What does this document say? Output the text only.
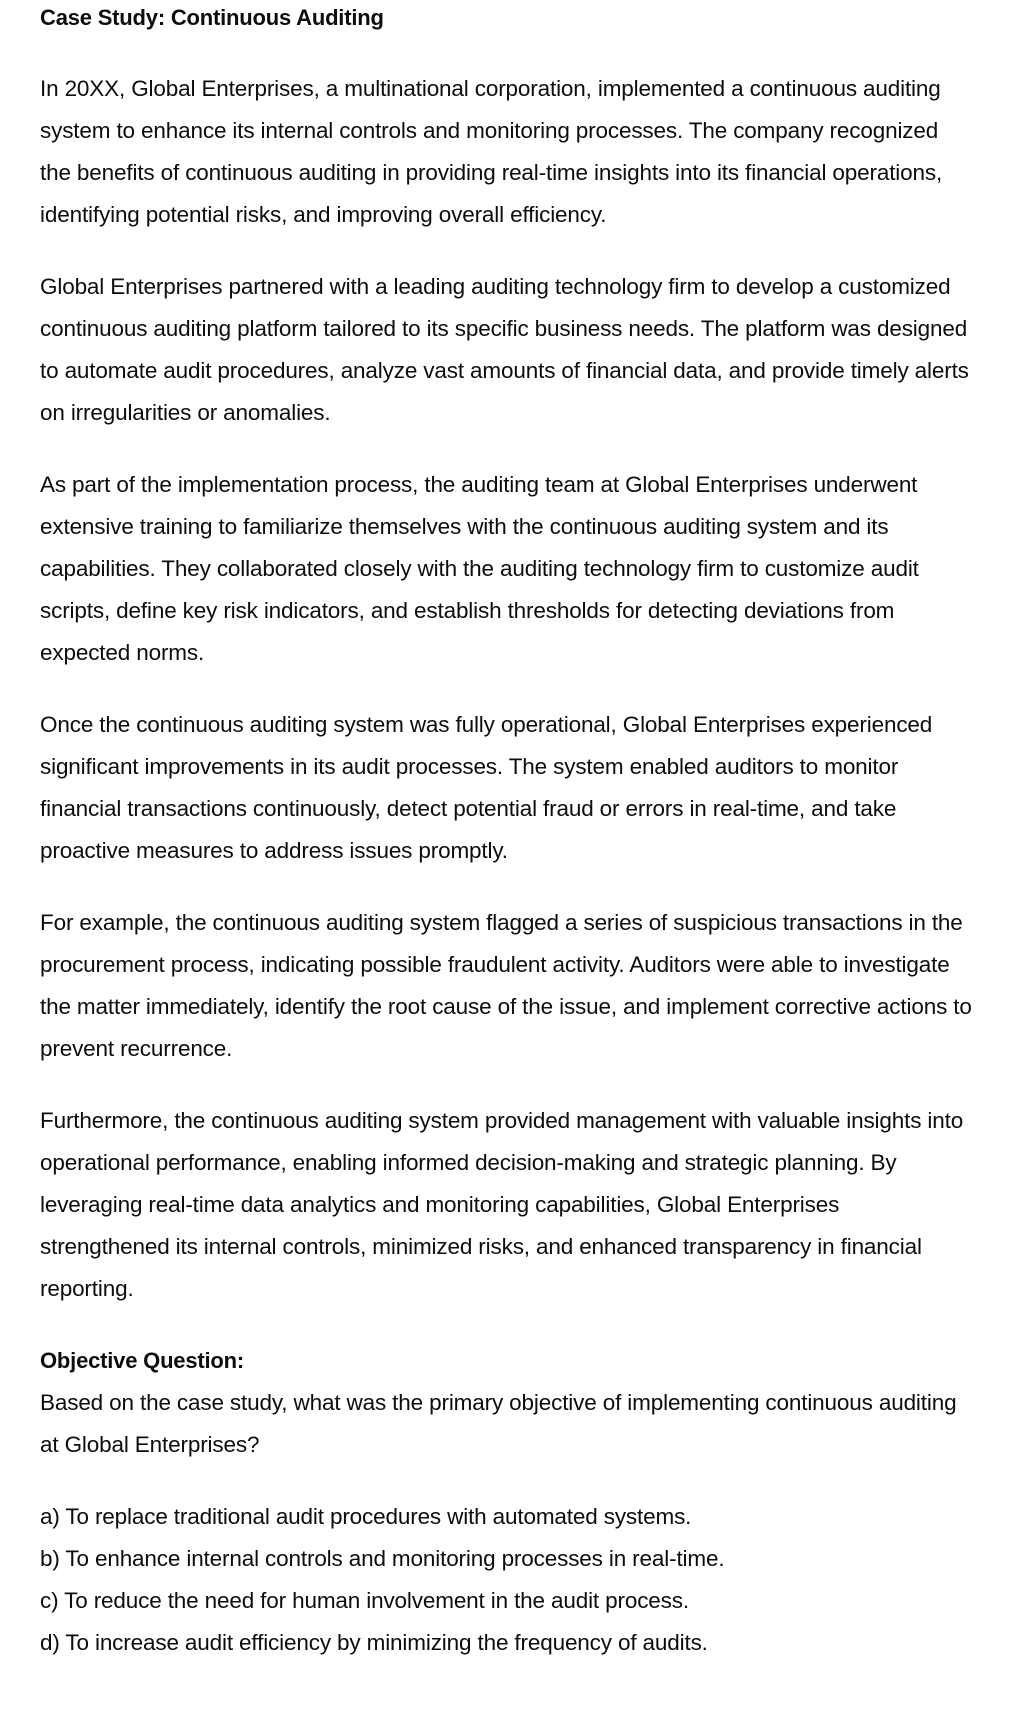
Case Study: Continuous Auditing

In 20XX, Global Enterprises, a multinational corporation, implemented a continuous auditing system to enhance its internal controls and monitoring processes. The company recognized the benefits of continuous auditing in providing real-time insights into its financial operations, identifying potential risks, and improving overall efficiency.

Global Enterprises partnered with a leading auditing technology firm to develop a customized continuous auditing platform tailored to its specific business needs. The platform was designed to automate audit procedures, analyze vast amounts of financial data, and provide timely alerts on irregularities or anomalies.

As part of the implementation process, the auditing team at Global Enterprises underwent extensive training to familiarize themselves with the continuous auditing system and its capabilities. They collaborated closely with the auditing technology firm to customize audit scripts, define key risk indicators, and establish thresholds for detecting deviations from expected norms.

Once the continuous auditing system was fully operational, Global Enterprises experienced significant improvements in its audit processes. The system enabled auditors to monitor financial transactions continuously, detect potential fraud or errors in real-time, and take proactive measures to address issues promptly.

For example, the continuous auditing system flagged a series of suspicious transactions in the procurement process, indicating possible fraudulent activity. Auditors were able to investigate the matter immediately, identify the root cause of the issue, and implement corrective actions to prevent recurrence.

Furthermore, the continuous auditing system provided management with valuable insights into operational performance, enabling informed decision-making and strategic planning. By leveraging real-time data analytics and monitoring capabilities, Global Enterprises strengthened its internal controls, minimized risks, and enhanced transparency in financial reporting.

Objective Question:

Based on the case study, what was the primary objective of implementing continuous auditing at Global Enterprises?

a) To replace traditional audit procedures with automated systems.
b) To enhance internal controls and monitoring processes in real-time.
c) To reduce the need for human involvement in the audit process.
d) To increase audit efficiency by minimizing the frequency of audits.
